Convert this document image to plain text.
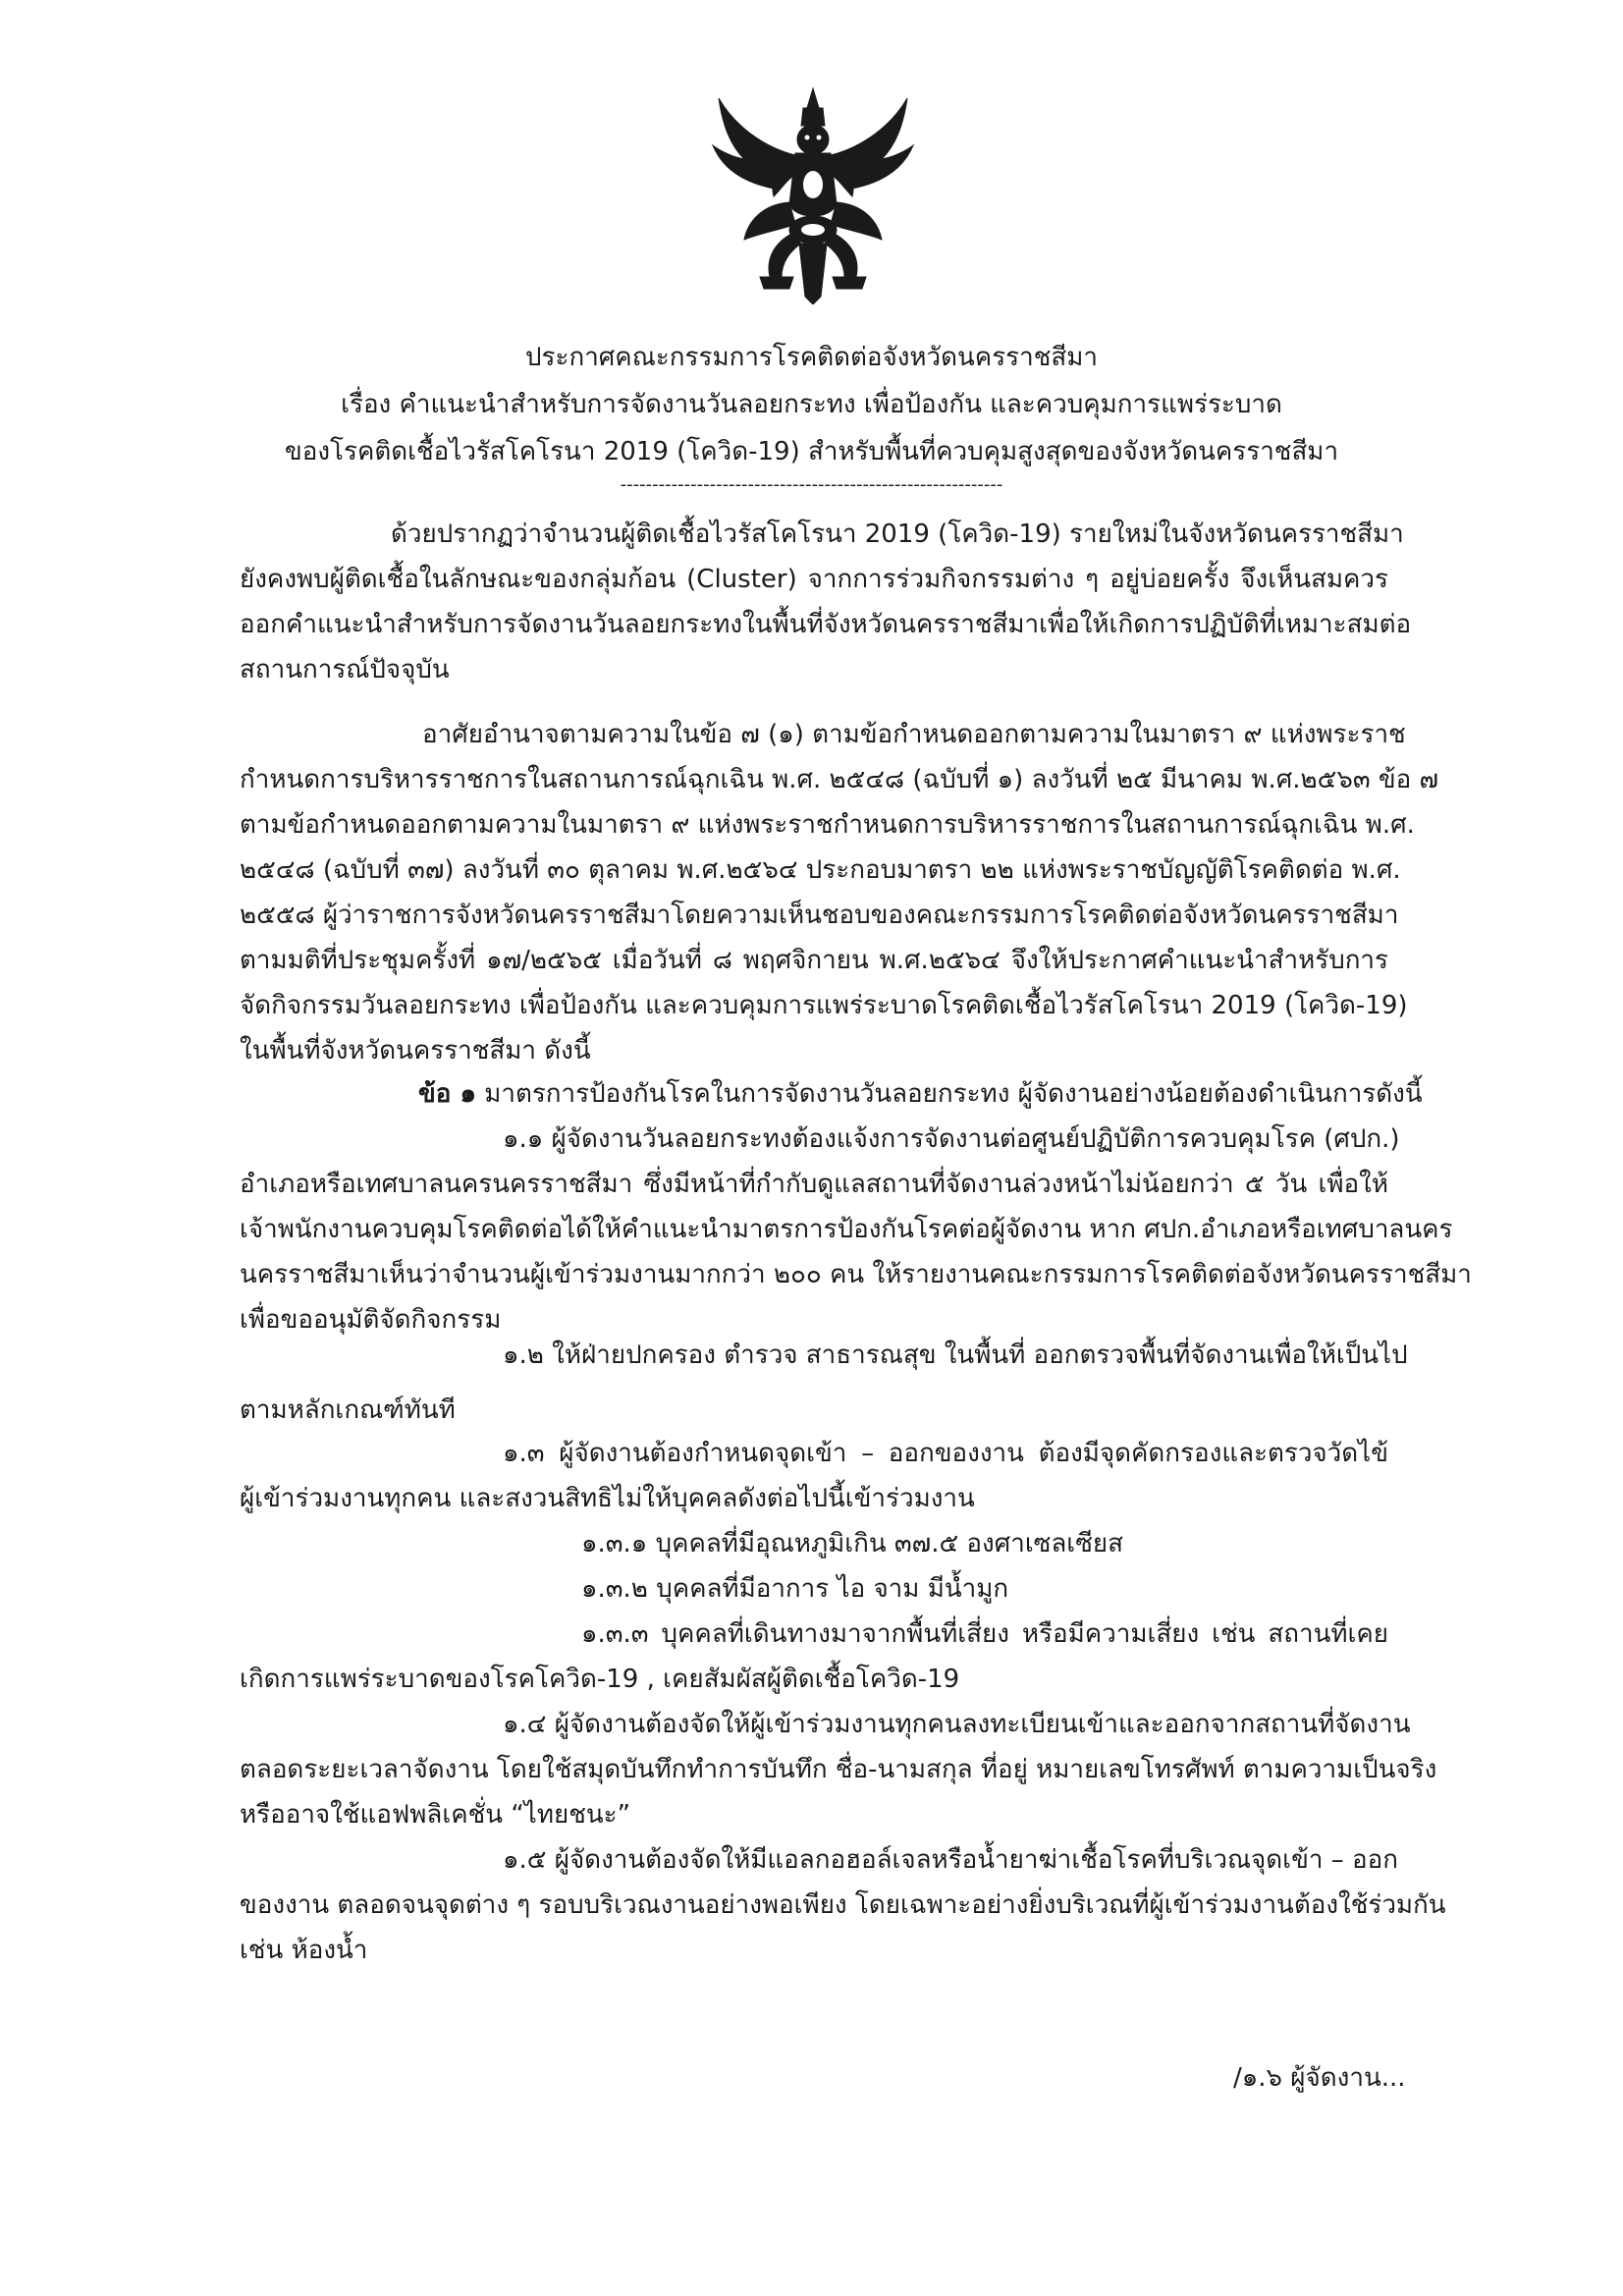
ประกาศคณะกรรมการโรคติดต่อจังหวัดนครราชสีมา
เรื่อง คำแนะนำสำหรับการจัดงานวันลอยกระทง เพื่อป้องกัน และควบคุมการแพร่ระบาด
ของโรคติดเชื้อไวรัสโคโรนา 2019 (โควิด-19) สำหรับพื้นที่ควบคุมสูงสุดของจังหวัดนครราชสีมา
------------------------------------------------------------
ด้วยปรากฏว่าจำนวนผู้ติดเชื้อไวรัสโคโรนา 2019 (โควิด-19) รายใหม่ในจังหวัดนครราชสีมา
ยังคงพบผู้ติดเชื้อในลักษณะของกลุ่มก้อน (Cluster) จากการร่วมกิจกรรมต่าง ๆ อยู่บ่อยครั้ง จึงเห็นสมควร
ออกคำแนะนำสำหรับการจัดงานวันลอยกระทงในพื้นที่จังหวัดนครราชสีมาเพื่อให้เกิดการปฏิบัติที่เหมาะสมต่อ
สถานการณ์ปัจจุบัน
อาศัยอำนาจตามความในข้อ ๗ (๑) ตามข้อกำหนดออกตามความในมาตรา ๙ แห่งพระราช
กำหนดการบริหารราชการในสถานการณ์ฉุกเฉิน พ.ศ. ๒๕๔๘ (ฉบับที่ ๑) ลงวันที่ ๒๕ มีนาคม พ.ศ.๒๕๖๓ ข้อ ๗
ตามข้อกำหนดออกตามความในมาตรา ๙ แห่งพระราชกำหนดการบริหารราชการในสถานการณ์ฉุกเฉิน พ.ศ.
๒๕๔๘ (ฉบับที่ ๓๗) ลงวันที่ ๓๐ ตุลาคม พ.ศ.๒๕๖๔ ประกอบมาตรา ๒๒ แห่งพระราชบัญญัติโรคติดต่อ พ.ศ.
๒๕๕๘ ผู้ว่าราชการจังหวัดนครราชสีมาโดยความเห็นชอบของคณะกรรมการโรคติดต่อจังหวัดนครราชสีมา
ตามมติที่ประชุมครั้งที่ ๑๗/๒๕๖๕ เมื่อวันที่ ๘ พฤศจิกายน พ.ศ.๒๕๖๔ จึงให้ประกาศคำแนะนำสำหรับการ
จัดกิจกรรมวันลอยกระทง เพื่อป้องกัน และควบคุมการแพร่ระบาดโรคติดเชื้อไวรัสโคโรนา 2019 (โควิด-19)
ในพื้นที่จังหวัดนครราชสีมา ดังนี้
ข้อ ๑ มาตรการป้องกันโรคในการจัดงานวันลอยกระทง ผู้จัดงานอย่างน้อยต้องดำเนินการดังนี้
๑.๑ ผู้จัดงานวันลอยกระทงต้องแจ้งการจัดงานต่อศูนย์ปฏิบัติการควบคุมโรค (ศปก.)
อำเภอหรือเทศบาลนครนครราชสีมา ซึ่งมีหน้าที่กำกับดูแลสถานที่จัดงานล่วงหน้าไม่น้อยกว่า ๕ วัน เพื่อให้
เจ้าพนักงานควบคุมโรคติดต่อได้ให้คำแนะนำมาตรการป้องกันโรคต่อผู้จัดงาน หาก ศปก.อำเภอหรือเทศบาลนคร
นครราชสีมาเห็นว่าจำนวนผู้เข้าร่วมงานมากกว่า ๒๐๐ คน ให้รายงานคณะกรรมการโรคติดต่อจังหวัดนครราชสีมา
เพื่อขออนุมัติจัดกิจกรรม
๑.๒ ให้ฝ่ายปกครอง ตำรวจ สาธารณสุข ในพื้นที่ ออกตรวจพื้นที่จัดงานเพื่อให้เป็นไป
ตามหลักเกณฑ์ทันที
๑.๓ ผู้จัดงานต้องกำหนดจุดเข้า – ออกของงาน ต้องมีจุดคัดกรองและตรวจวัดไข้
ผู้เข้าร่วมงานทุกคน และสงวนสิทธิไม่ให้บุคคลดังต่อไปนี้เข้าร่วมงาน
๑.๓.๑ บุคคลที่มีอุณหภูมิเกิน ๓๗.๕ องศาเซลเซียส
๑.๓.๒ บุคคลที่มีอาการ ไอ จาม มีน้ำมูก
๑.๓.๓ บุคคลที่เดินทางมาจากพื้นที่เสี่ยง หรือมีความเสี่ยง เช่น สถานที่เคย
เกิดการแพร่ระบาดของโรคโควิด-19 , เคยสัมผัสผู้ติดเชื้อโควิด-19
๑.๔ ผู้จัดงานต้องจัดให้ผู้เข้าร่วมงานทุกคนลงทะเบียนเข้าและออกจากสถานที่จัดงาน
ตลอดระยะเวลาจัดงาน โดยใช้สมุดบันทึกทำการบันทึก ชื่อ-นามสกุล ที่อยู่ หมายเลขโทรศัพท์ ตามความเป็นจริง
หรืออาจใช้แอฟพลิเคชั่น “ไทยชนะ”
๑.๕ ผู้จัดงานต้องจัดให้มีแอลกอฮอล์เจลหรือน้ำยาฆ่าเชื้อโรคที่บริเวณจุดเข้า – ออก
ของงาน ตลอดจนจุดต่าง ๆ รอบบริเวณงานอย่างพอเพียง โดยเฉพาะอย่างยิ่งบริเวณที่ผู้เข้าร่วมงานต้องใช้ร่วมกัน
เช่น ห้องน้ำ
/๑.๖ ผู้จัดงาน...
